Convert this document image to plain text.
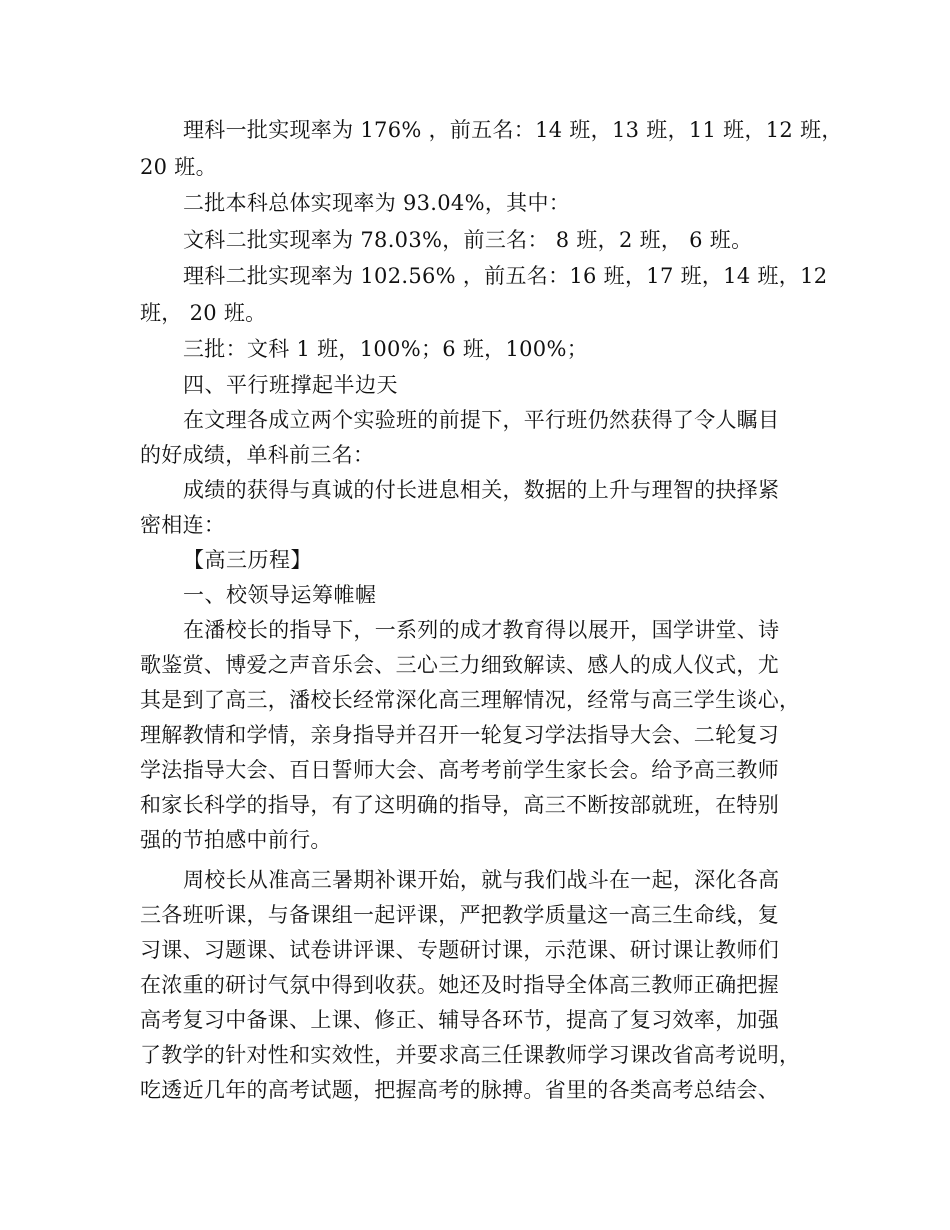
理科一批实现率为 176% ，前五名：14 班，13 班，11 班，12 班，
20 班。
二批本科总体实现率为 93.04%，其中：
文科二批实现率为 78.03%，前三名： 8 班，2 班， 6 班。
理科二批实现率为 102.56% ，前五名：16 班，17 班，14 班，12
班， 20 班。
三批：文科 1 班，100%；6 班，100%；
四、平行班撑起半边天
在文理各成立两个实验班的前提下，平行班仍然获得了令人瞩目
的好成绩，单科前三名：
成绩的获得与真诚的付长进息相关，数据的上升与理智的抉择紧
密相连：
【高三历程】
一、校领导运筹帷幄
在潘校长的指导下，一系列的成才教育得以展开，国学讲堂、诗
歌鉴赏、博爱之声音乐会、三心三力细致解读、感人的成人仪式，尤
其是到了高三，潘校长经常深化高三理解情况，经常与高三学生谈心，
理解教情和学情，亲身指导并召开一轮复习学法指导大会、二轮复习
学法指导大会、百日誓师大会、高考考前学生家长会。给予高三教师
和家长科学的指导，有了这明确的指导，高三不断按部就班，在特别
强的节拍感中前行。
周校长从准高三暑期补课开始，就与我们战斗在一起，深化各高
三各班听课，与备课组一起评课，严把教学质量这一高三生命线，复
习课、习题课、试卷讲评课、专题研讨课，示范课、研讨课让教师们
在浓重的研讨气氛中得到收获。她还及时指导全体高三教师正确把握
高考复习中备课、上课、修正、辅导各环节，提高了复习效率，加强
了教学的针对性和实效性，并要求高三任课教师学习课改省高考说明，
吃透近几年的高考试题，把握高考的脉搏。省里的各类高考总结会、
